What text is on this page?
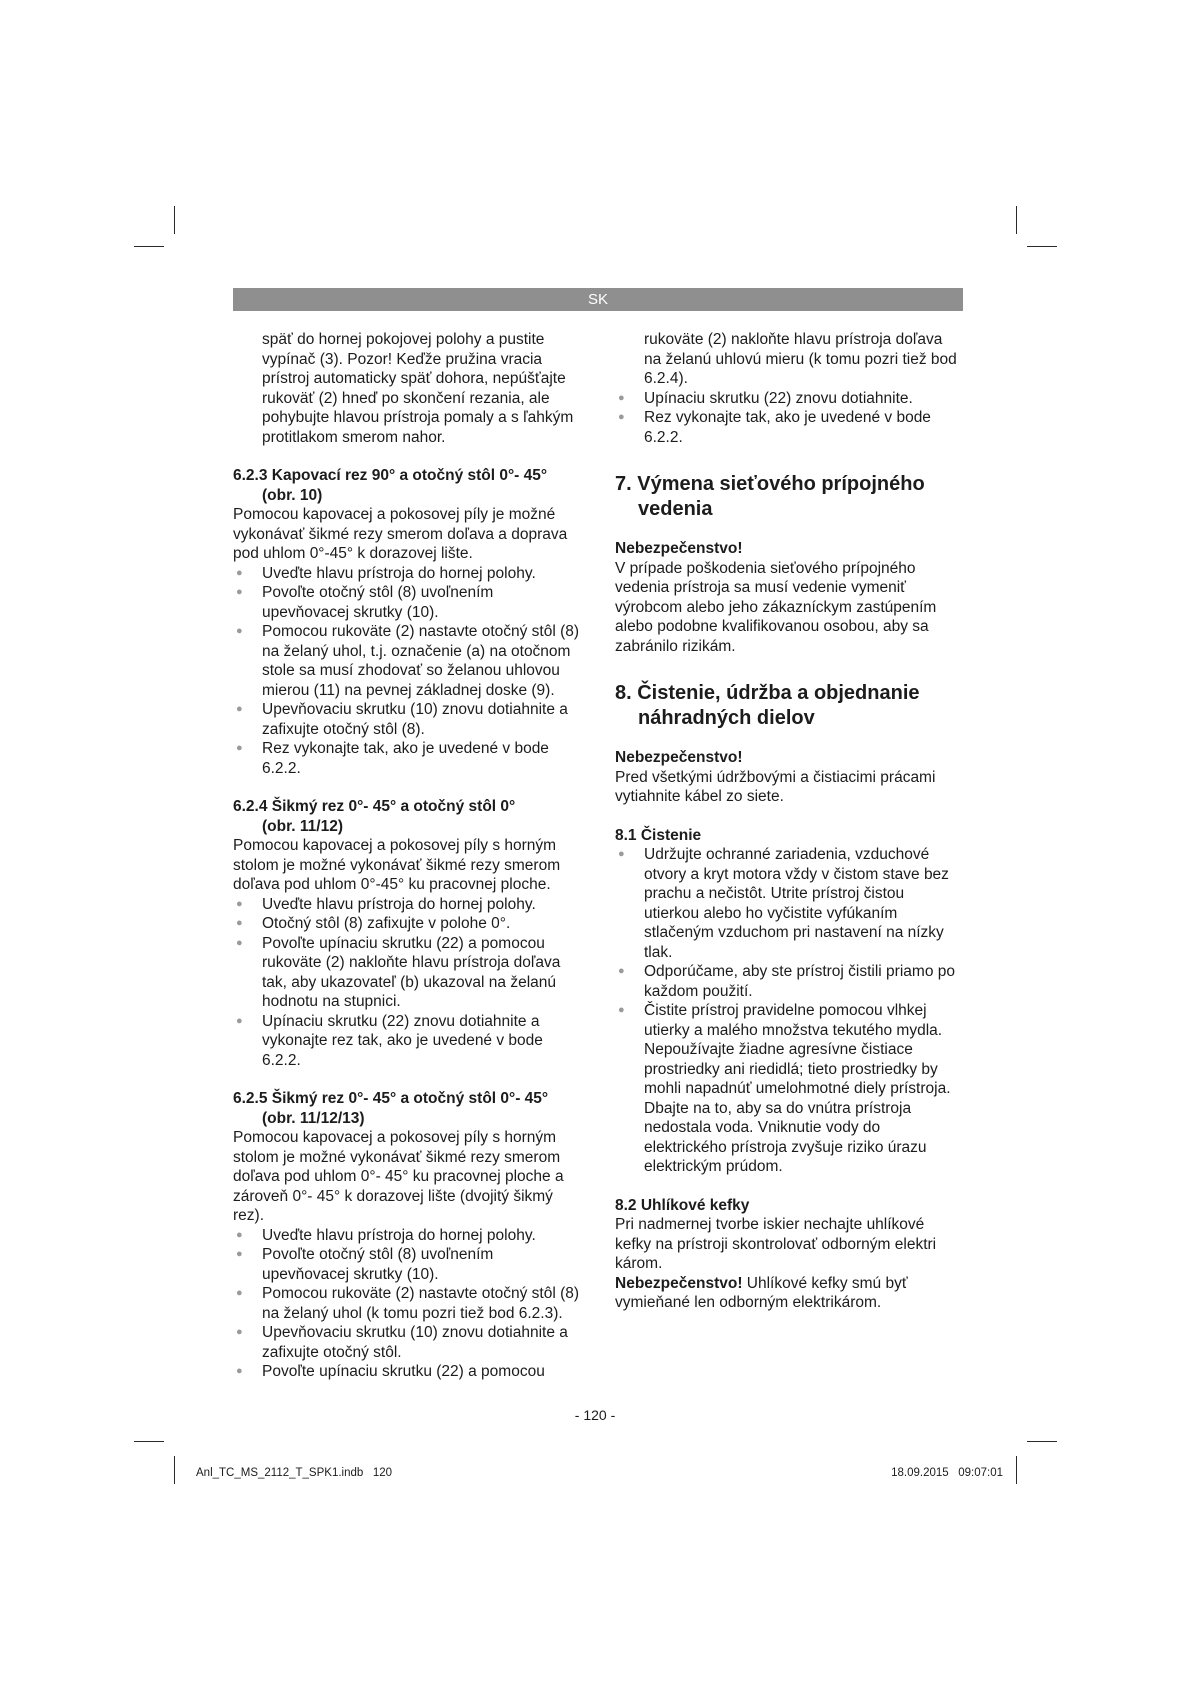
SK

späť do hornej pokojovej polohy a pustite vypínač (3). Pozor! Keďže pružina vracia prístroj automaticky späť dohora, nepúšťajte rukoväť (2) hneď po skončení rezania, ale pohybujte hlavou prístroja pomaly a s ľahkým protitlakom smerom nahor.

6.2.3 Kapovací rez 90° a otočný stôl 0°- 45°
(obr. 10)

Pomocou kapovacej a pokosovej píly je možné vykonávať šikmé rezy smerom doľava a doprava pod uhlom 0°-45° k dorazovej lište.

● Uveďte hlavu prístroja do hornej polohy.
● Povoľte otočný stôl (8) uvoľnením upevňovacej skrutky (10).
● Pomocou rukoväte (2) nastavte otočný stôl (8) na želaný uhol, t.j. označenie (a) na otočnom stole sa musí zhodovať so želanou uhlovou mierou (11) na pevnej základnej doske (9).
● Upevňovaciu skrutku (10) znovu dotiahnite a zafixujte otočný stôl (8).
● Rez vykonajte tak, ako je uvedené v bode 6.2.2.

6.2.4 Šikmý rez 0°- 45° a otočný stôl 0°
(obr. 11/12)

Pomocou kapovacej a pokosovej píly s horným stolom je možné vykonávať šikmé rezy smerom doľava pod uhlom 0°-45° ku pracovnej ploche.

● Uveďte hlavu prístroja do hornej polohy.
● Otočný stôl (8) zafixujte v polohe 0°.
● Povoľte upínaciu skrutku (22) a pomocou rukoväte (2) nakloňte hlavu prístroja doľava tak, aby ukazovateľ (b) ukazoval na želanú hodnotu na stupnici.
● Upínaciu skrutku (22) znovu dotiahnite a vykonajte rez tak, ako je uvedené v bode 6.2.2.

6.2.5 Šikmý rez 0°- 45° a otočný stôl 0°- 45°
(obr. 11/12/13)

Pomocou kapovacej a pokosovej píly s horným stolom je možné vykonávať šikmé rezy smerom doľava pod uhlom 0°- 45° ku pracovnej ploche a zároveň 0°- 45° k dorazovej lište (dvojitý šikmý rez).

● Uveďte hlavu prístroja do hornej polohy.
● Povoľte otočný stôl (8) uvoľnením upevňovacej skrutky (10).
● Pomocou rukoväte (2) nastavte otočný stôl (8) na želaný uhol (k tomu pozri tiež bod 6.2.3).
● Upevňovaciu skrutku (10) znovu dotiahnite a zafixujte otočný stôl.
● Povoľte upínaciu skrutku (22) a pomocou

rukoväte (2) nakloňte hlavu prístroja doľava na želanú uhlovú mieru (k tomu pozri tiež bod 6.2.4).

● Upínaciu skrutku (22) znovu dotiahnite.
● Rez vykonajte tak, ako je uvedené v bode 6.2.2.
7. Výmena sieťového prípojného
vedenia

Nebezpečenstvo!

V prípade poškodenia sieťového prípojného vedenia prístroja sa musí vedenie vymeniť výrobcom alebo jeho zákazníckym zastúpením alebo podobne kvalifikovanou osobou, aby sa zabránilo rizikám.

8. Čistenie, údržba a objednanie
náhradných dielov

Nebezpečenstvo!

Pred všetkými údržbovými a čistiacimi prácami vytiahnite kábel zo siete.

8.1 Čistenie

● Udržujte ochranné zariadenia, vzduchové otvory a kryt motora vždy v čistom stave bez prachu a nečistôt. Utrite prístroj čistou utierkou alebo ho vyčistite vyfúkaním stlačeným vzduchom pri nastavení na nízky tlak.
● Odporúčame, aby ste prístroj čistili priamo po každom použití.
● Čistite prístroj pravidelne pomocou vlhkej utierky a malého množstva tekutého mydla. Nepoužívajte žiadne agresívne čistiace prostriedky ani riedidlá; tieto prostriedky by mohli napadnúť umelohmotné diely prístroja. Dbajte na to, aby sa do vnútra prístroja nedostala voda. Vniknutie vody do elektrického prístroja zvyšuje riziko úrazu elektrickým prúdom.

8.2 Uhlíkové kefky

Pri nadmernej tvorbe iskier nechajte uhlíkové kefky na prístroji skontrolovať odborným elektri károm.

Nebezpečenstvo! Uhlíkové kefky smú byť vymieňané len odborným elektrikárom.

- 120 -
Anl_TC_MS_2112_T_SPK1.indb   120	18.09.2015   09:07:01
